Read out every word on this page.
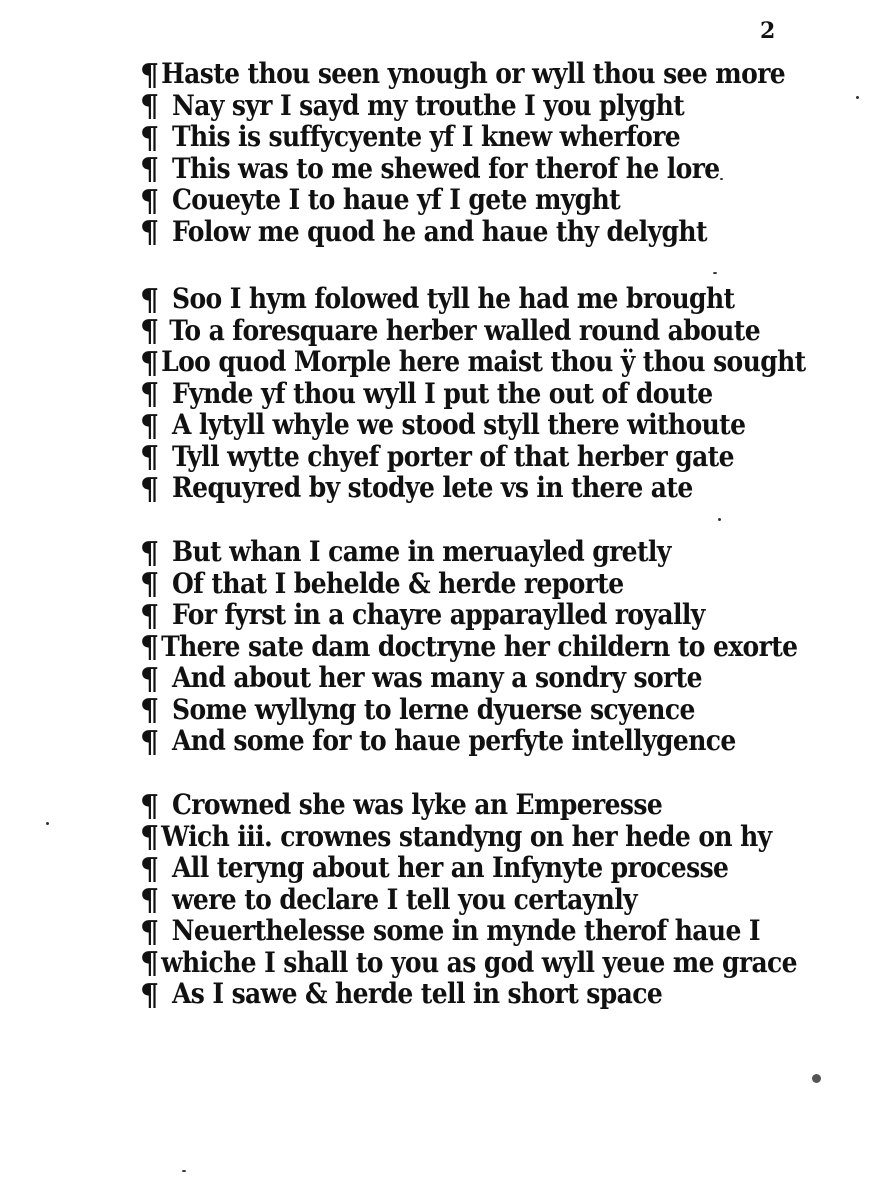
2
¶ Haste thou seen ynough or wyll thou see more
¶ Nay syr I sayd my trouthe I you plyght
¶ This is suffycyente yf I knew wherfore
¶ This was to me shewed for therof he lore
¶ Coueyte I to haue yf I gete myght
¶ Folow me quod he and haue thy delyght
¶ Soo I hym folowed tyll he had me brought
¶ To a foresquare herber walled round aboute
¶ Loo quod Morple here maist thou ÿ thou sought
¶ Fynde yf thou wyll I put the out of doute
¶ A lytyll whyle we stood styll there withoute
¶ Tyll wytte chyef porter of that herber gate
¶ Requyred by stodye lete vs in there ate
¶ But whan I came in meruayled gretly
¶ Of that I behelde & herde reporte
¶ For fyrst in a chayre apparaylled royally
¶ There sate dam doctryne her childern to exorte
¶ And about her was many a sondry sorte
¶ Some wyllyng to lerne dyuerse scyence
¶ And some for to haue perfyte intellygence
¶ Crowned she was lyke an Emperesse
¶ Wich iii. crownes standyng on her hede on hy
¶ All teryng about her an Infynyte processe
¶ were to declare I tell you certaynly
¶ Neuerthelesse some in mynde therof haue I
¶ whiche I shall to you as god wyll yeue me grace
¶ As I sawe & herde tell in short space
